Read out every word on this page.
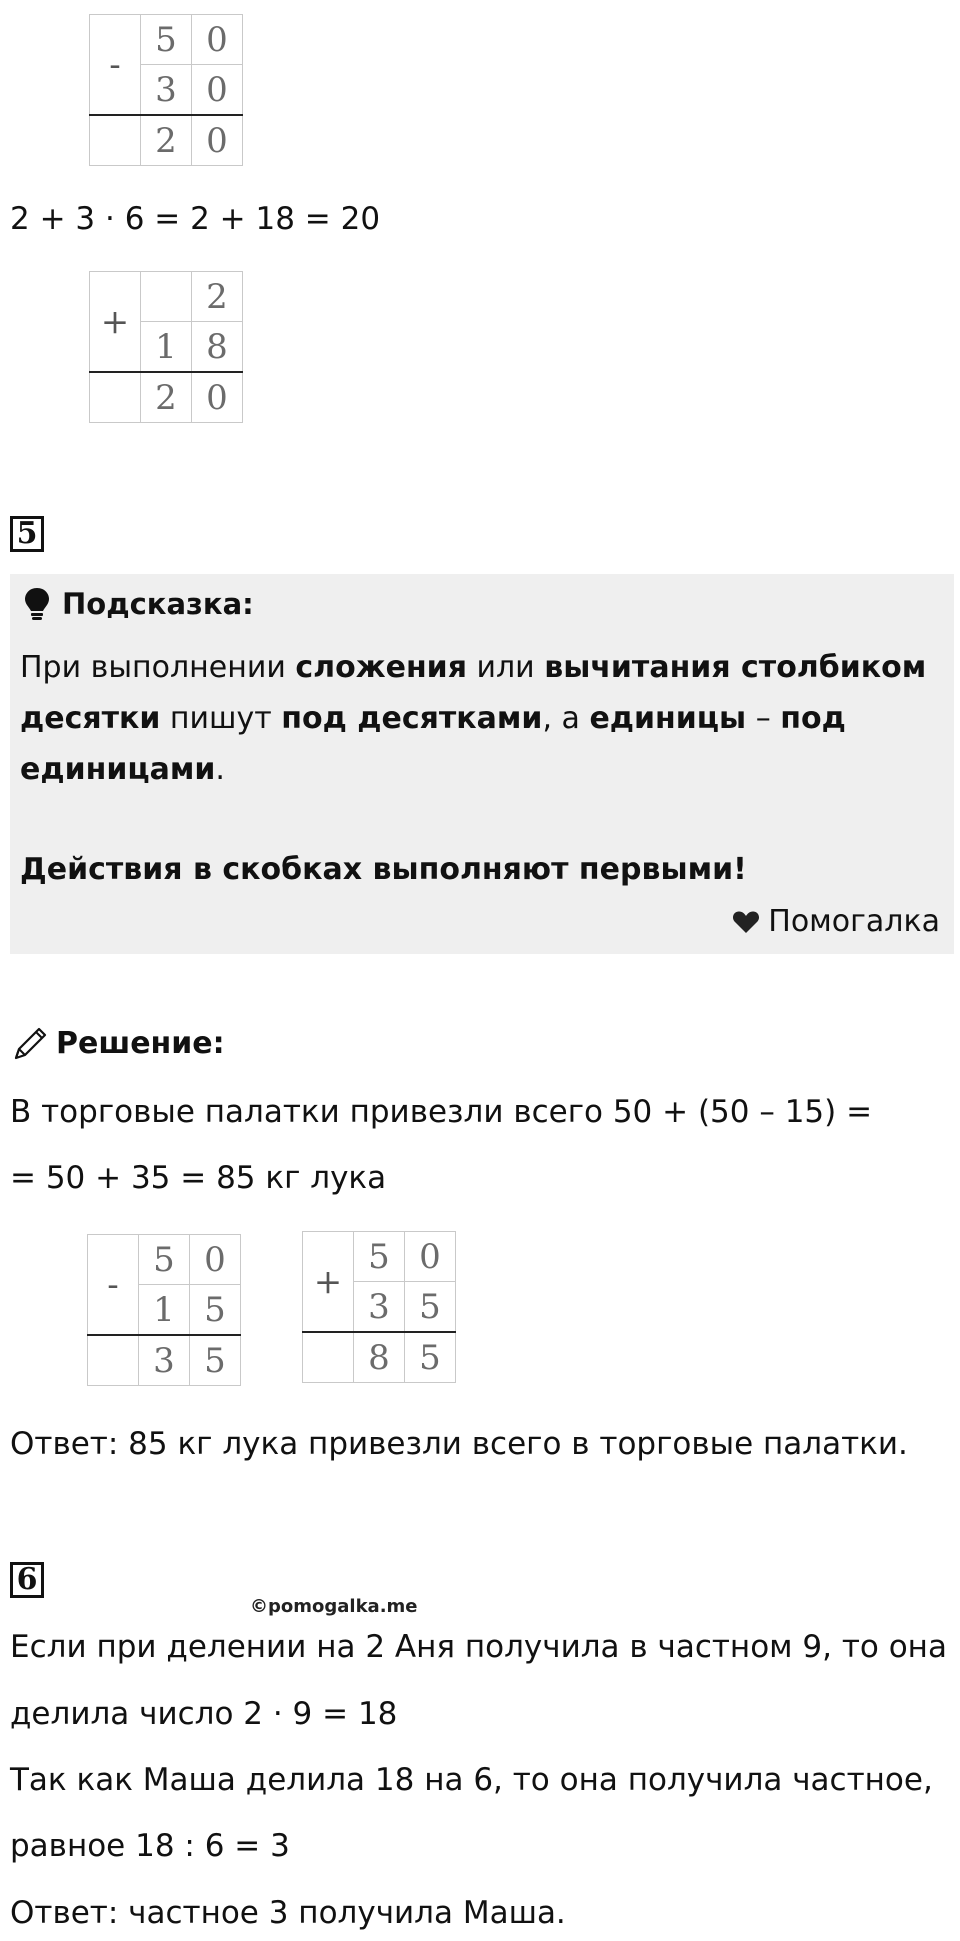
-	5	0
	3	0
	2	0
2 + 3 · 6 = 2 + 18 = 20
+		2
	1	8
	2	0
5
Подсказка:
При выполнении сложения или вычитания столбиком десятки пишут под десятками, а единицы – под единицами.
Действия в скобках выполняют первыми!
Помогалка
Решение:
В торговые палатки привезли всего 50 + (50 – 15) =
= 50 + 35 = 85 кг лука
-	5	0
	1	5
	3	5
+	5	0
	3	5
	8	5
Ответ: 85 кг лука привезли всего в торговые палатки.
6
©pomogalka.me
Если при делении на 2 Аня получила в частном 9, то она
делила число 2 · 9 = 18
Так как Маша делила 18 на 6, то она получила частное,
равное 18 : 6 = 3
Ответ: частное 3 получила Маша.
